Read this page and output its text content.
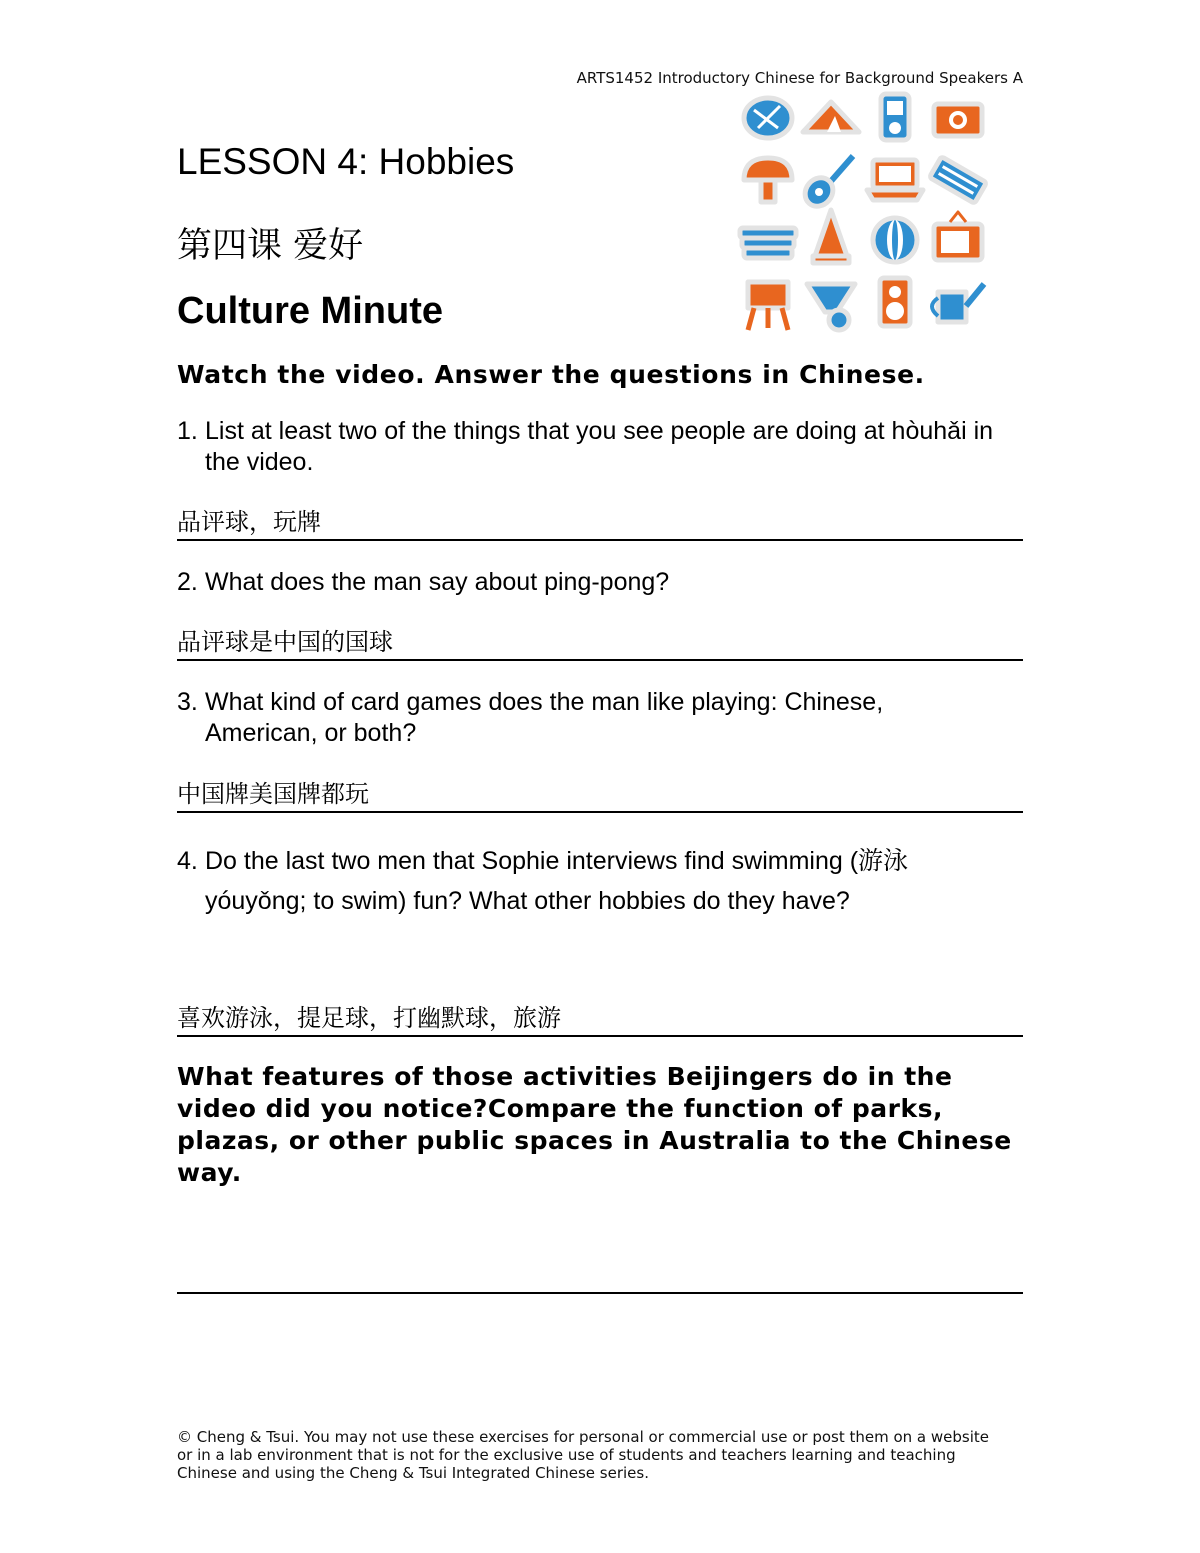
ARTS1452 Introductory Chinese for Background Speakers A
LESSON 4: Hobbies
第四课 爱好
Culture Minute
Watch the video. Answer the questions in Chinese.
1. List at least two of the things that you see people are doing at hòuhǎi in the video.
品评球，玩牌
2. What does the man say about ping-pong?
品评球是中国的国球
3. What kind of card games does the man like playing: Chinese, American, or both?
中国牌美国牌都玩
4. Do the last two men that Sophie interviews find swimming (游泳 yóuyǒng; to swim) fun? What other hobbies do they have?
喜欢游泳，提足球，打幽默球，旅游
What features of those activities Beijingers do in the video did you notice?Compare the function of parks, plazas, or other public spaces in Australia to the Chinese way.
© Cheng & Tsui. You may not use these exercises for personal or commercial use or post them on a website or in a lab environment that is not for the exclusive use of students and teachers learning and teaching Chinese and using the Cheng & Tsui Integrated Chinese series.
